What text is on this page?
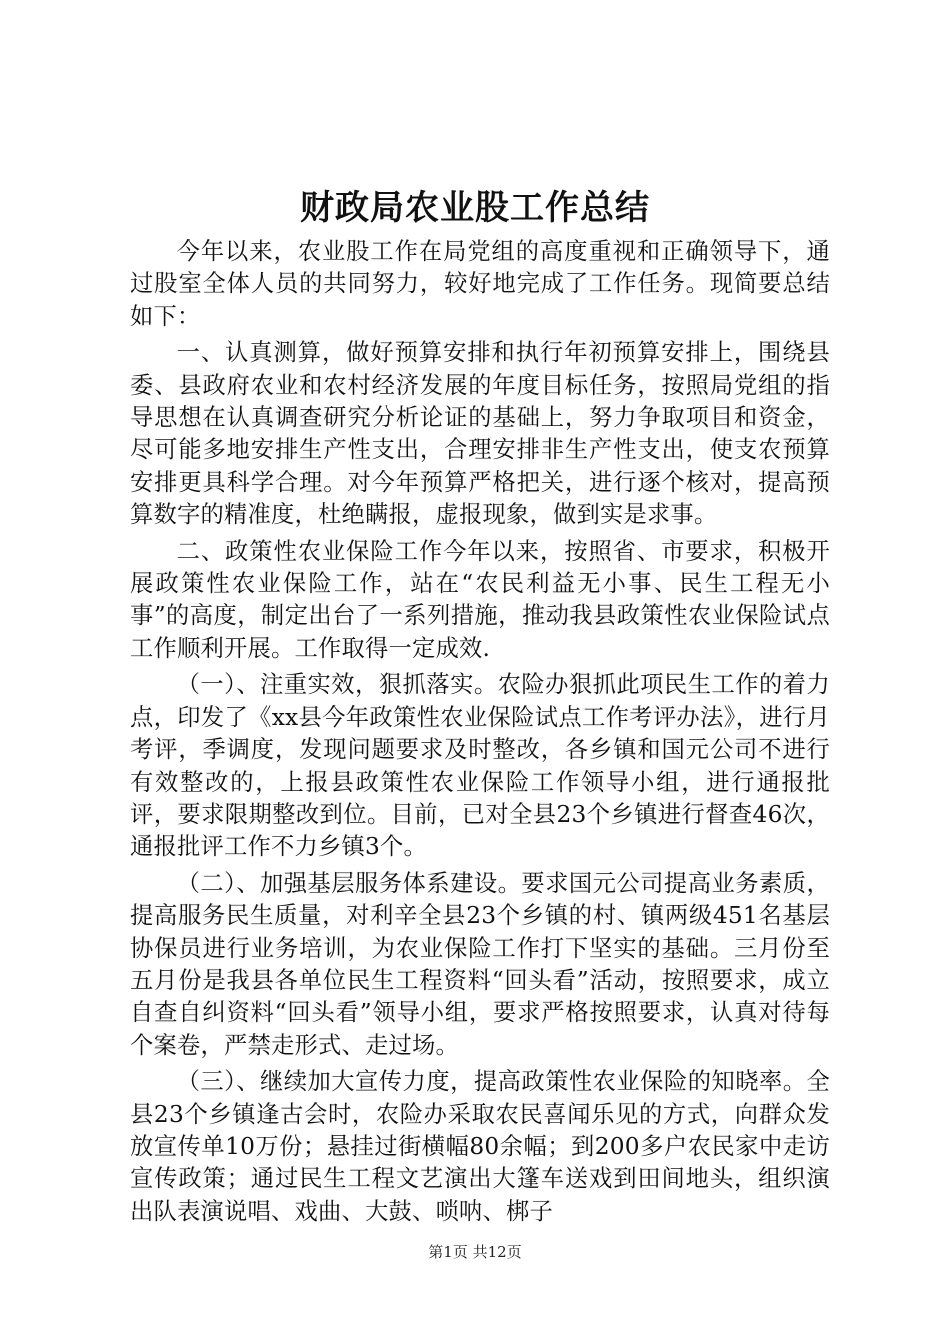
财政局农业股工作总结

今年以来，农业股工作在局党组的高度重视和正确领导下，通过股室全体人员的共同努力，较好地完成了工作任务。现简要总结如下：

一、认真测算，做好预算安排和执行年初预算安排上，围绕县委、县政府农业和农村经济发展的年度目标任务，按照局党组的指导思想在认真调查研究分析论证的基础上，努力争取项目和资金，尽可能多地安排生产性支出，合理安排非生产性支出，使支农预算安排更具科学合理。对今年预算严格把关，进行逐个核对，提高预算数字的精准度，杜绝瞒报，虚报现象，做到实是求事。

二、政策性农业保险工作今年以来，按照省、市要求，积极开展政策性农业保险工作，站在“农民利益无小事、民生工程无小事”的高度，制定出台了一系列措施，推动我县政策性农业保险试点工作顺利开展。工作取得一定成效.

（一）、注重实效，狠抓落实。农险办狠抓此项民生工作的着力点，印发了《xx县今年政策性农业保险试点工作考评办法》，进行月考评，季调度，发现问题要求及时整改，各乡镇和国元公司不进行有效整改的，上报县政策性农业保险工作领导小组，进行通报批评，要求限期整改到位。目前，已对全县23个乡镇进行督查46次，通报批评工作不力乡镇3个。

（二）、加强基层服务体系建设。要求国元公司提高业务素质，提高服务民生质量，对利辛全县23个乡镇的村、镇两级451名基层协保员进行业务培训，为农业保险工作打下坚实的基础。三月份至五月份是我县各单位民生工程资料“回头看”活动，按照要求，成立自查自纠资料“回头看”领导小组，要求严格按照要求，认真对待每个案卷，严禁走形式、走过场。

（三）、继续加大宣传力度，提高政策性农业保险的知晓率。全县23个乡镇逢古会时，农险办采取农民喜闻乐见的方式，向群众发放宣传单10万份；悬挂过街横幅80余幅；到200多户农民家中走访宣传政策；通过民生工程文艺演出大篷车送戏到田间地头，组织演出队表演说唱、戏曲、大鼓、唢呐、梆子

第1页 共12页
